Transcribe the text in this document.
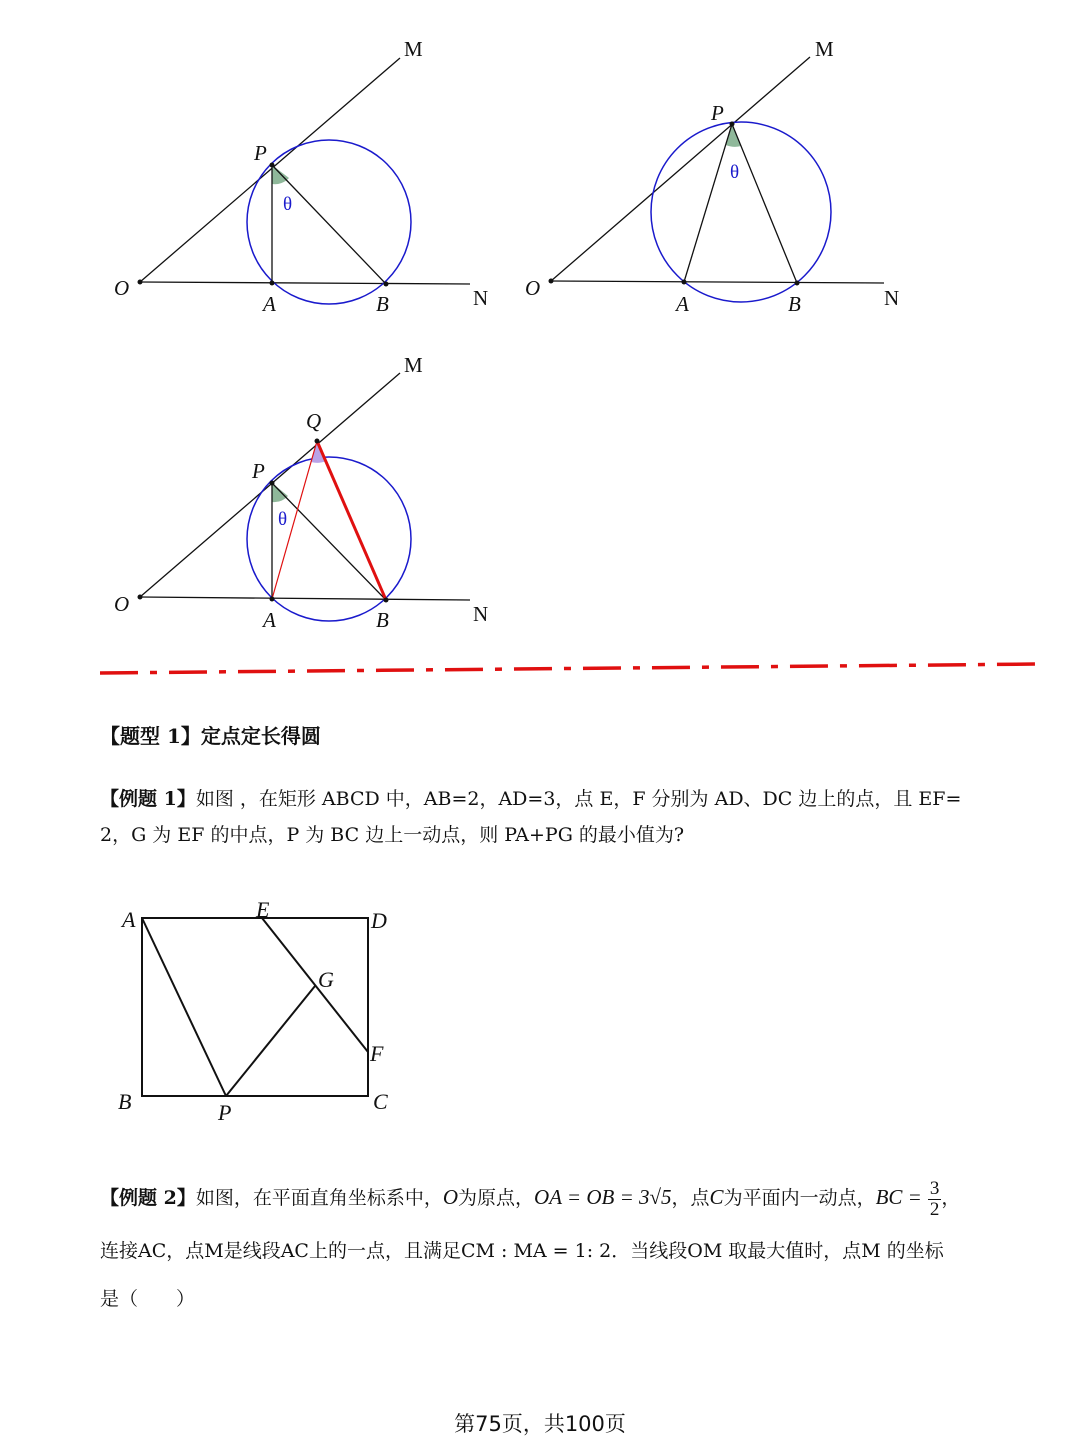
M
P
θ
O
A	B	N
M
P
θ
O
A	B	N
M
Q
P
θ
O
A	B	N
【题型 1】定点定长得圆
【例题 1】如图 ，在矩形 ABCD 中，AB=2，AD=3，点 E，F 分别为 AD、DC 边上的点，且 EF=
2，G 为 EF 的中点，P 为 BC 边上一动点，则 PA+PG 的最小值为?
A	E	D
G
F
B	P	C
【例题 2】如图，在平面直角坐标系中，O为原点，OA = OB = 3√5，点C为平面内一动点，BC = $\frac{3}{2}$ ，
连接AC，点M是线段AC上的一点，且满足CM : MA = 1: 2．当线段OM 取最大值时，点M 的坐标
是（　　）
第75页，共100页
